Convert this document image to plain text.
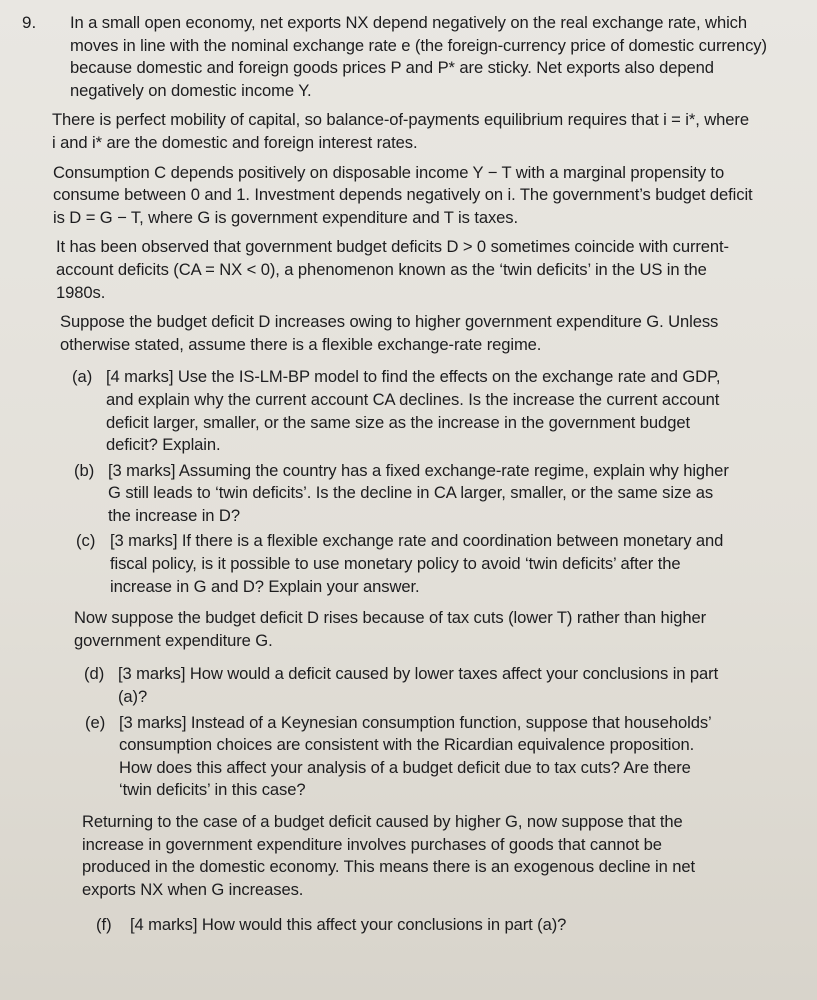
9.	In a small open economy, net exports NX depend negatively on the real exchange rate, which moves in line with the nominal exchange rate e (the foreign-currency price of domestic currency) because domestic and foreign goods prices P and P* are sticky. Net exports also depend negatively on domestic income Y.

There is perfect mobility of capital, so balance-of-payments equilibrium requires that i = i*, where i and i* are the domestic and foreign interest rates.

Consumption C depends positively on disposable income Y − T with a marginal propensity to consume between 0 and 1. Investment depends negatively on i. The government’s budget deficit is D = G − T, where G is government expenditure and T is taxes.

It has been observed that government budget deficits D > 0 sometimes coincide with current-account deficits (CA = NX < 0), a phenomenon known as the ‘twin deficits’ in the US in the 1980s.

Suppose the budget deficit D increases owing to higher government expenditure G. Unless otherwise stated, assume there is a flexible exchange-rate regime.

(a) [4 marks] Use the IS-LM-BP model to find the effects on the exchange rate and GDP, and explain why the current account CA declines. Is the increase the current account deficit larger, smaller, or the same size as the increase in the government budget deficit? Explain.

(b) [3 marks] Assuming the country has a fixed exchange-rate regime, explain why higher G still leads to ‘twin deficits’. Is the decline in CA larger, smaller, or the same size as the increase in D?

(c) [3 marks] If there is a flexible exchange rate and coordination between monetary and fiscal policy, is it possible to use monetary policy to avoid ‘twin deficits’ after the increase in G and D? Explain your answer.

Now suppose the budget deficit D rises because of tax cuts (lower T) rather than higher government expenditure G.

(d) [3 marks] How would a deficit caused by lower taxes affect your conclusions in part (a)?

(e) [3 marks] Instead of a Keynesian consumption function, suppose that households’ consumption choices are consistent with the Ricardian equivalence proposition. How does this affect your analysis of a budget deficit due to tax cuts? Are there ‘twin deficits’ in this case?

Returning to the case of a budget deficit caused by higher G, now suppose that the increase in government expenditure involves purchases of goods that cannot be produced in the domestic economy. This means there is an exogenous decline in net exports NX when G increases.

(f)	[4 marks] How would this affect your conclusions in part (a)?
